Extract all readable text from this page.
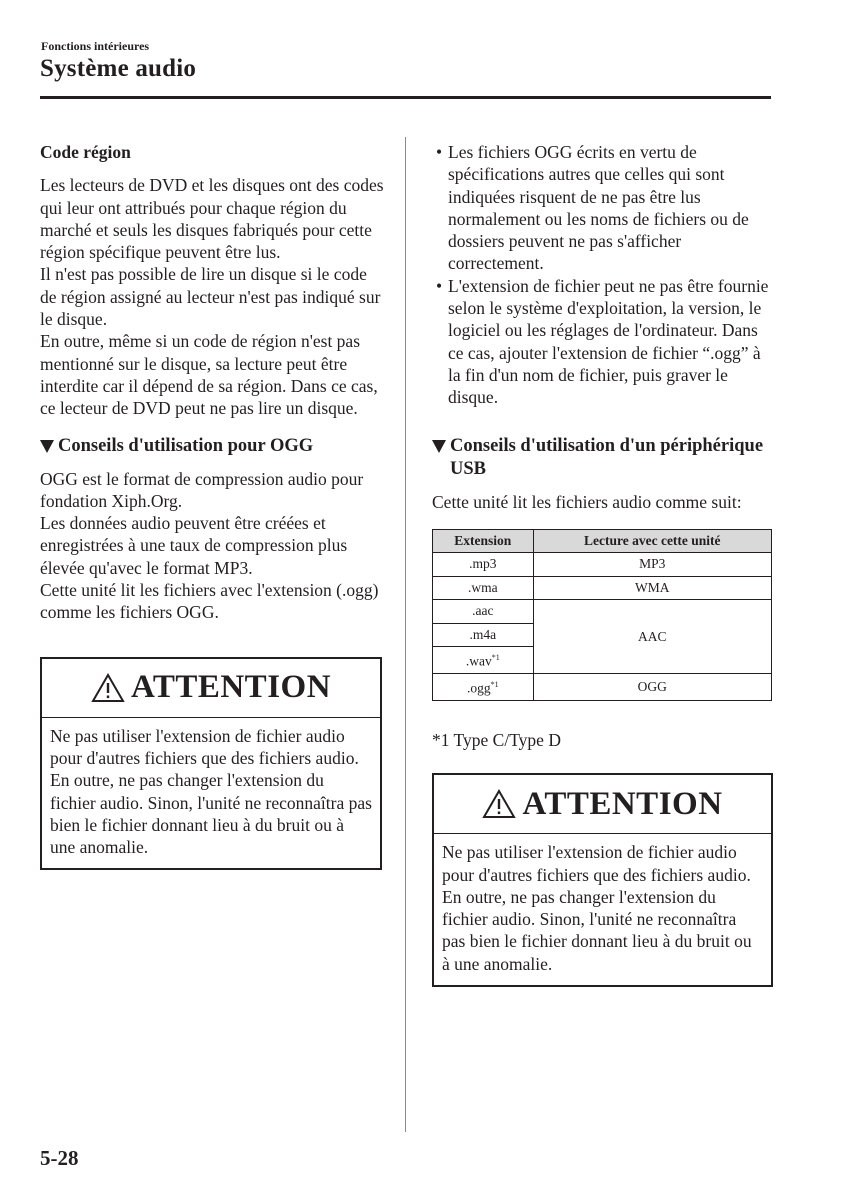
Fonctions intérieures
Système audio
Code région

Les lecteurs de DVD et les disques ont des codes qui leur ont attribués pour chaque région du marché et seuls les disques fabriqués pour cette région spécifique peuvent être lus.

Il n'est pas possible de lire un disque si le code de région assigné au lecteur n'est pas indiqué sur le disque.

En outre, même si un code de région n'est pas mentionné sur le disque, sa lecture peut être interdite car il dépend de sa région. Dans ce cas, ce lecteur de DVD peut ne pas lire un disque.

Conseils d'utilisation pour OGG

OGG est le format de compression audio pour fondation Xiph.Org.

Les données audio peuvent être créées et enregistrées à une taux de compression plus élevée qu'avec le format MP3.

Cette unité lit les fichiers avec l'extension (.ogg) comme les fichiers OGG.

ATTENTION
Ne pas utiliser l'extension de fichier audio pour d'autres fichiers que des fichiers audio. En outre, ne pas changer l'extension du fichier audio. Sinon, l'unité ne reconnaîtra pas bien le fichier donnant lieu à du bruit ou à une anomalie.
• Les fichiers OGG écrits en vertu de spécifications autres que celles qui sont indiquées risquent de ne pas être lus normalement ou les noms de fichiers ou de dossiers peuvent ne pas s'afficher correctement.
• L'extension de fichier peut ne pas être fournie selon le système d'exploitation, la version, le logiciel ou les réglages de l'ordinateur. Dans ce cas, ajouter l'extension de fichier “.ogg” à la fin d'un nom de fichier, puis graver le disque.
Conseils d'utilisation d'un périphérique USB

Cette unité lit les fichiers audio comme suit:

Extension	Lecture avec cette unité
.mp3	MP3
.wma	WMA
.aac	AAC
.m4a	
.wav$^{*1}$
.ogg$^{*1}$	OGG
*1 Type C/Type D
ATTENTION
Ne pas utiliser l'extension de fichier audio pour d'autres fichiers que des fichiers audio. En outre, ne pas changer l'extension du fichier audio. Sinon, l'unité ne reconnaîtra pas bien le fichier donnant lieu à du bruit ou à une anomalie.
5-28
